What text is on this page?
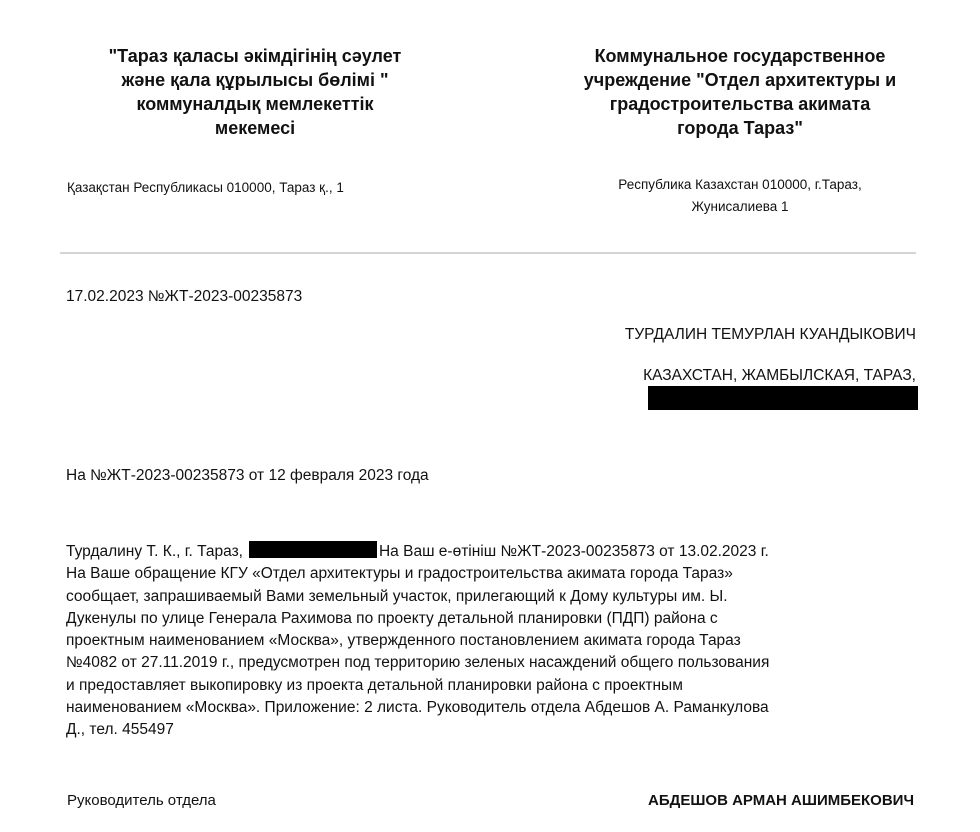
"Тараз қаласы әкімдігінің сәулет
және қала құрылысы бөлімі "
коммуналдық мемлекеттік
мекемесі
Коммунальное государственное
учреждение "Отдел архитектуры и
градостроительства акимата
города Тараз"
Қазақстан Республикасы 010000, Тараз қ., 1	Республика Казахстан 010000, г.Тараз,
Жунисалиева 1
17.02.2023 №ЖТ-2023-00235873
ТУРДАЛИН ТЕМУРЛАН КУАНДЫКОВИЧ
КАЗАХСТАН, ЖАМБЫЛСКАЯ, ТАРАЗ,
На №ЖТ-2023-00235873 от 12 февраля 2023 года
Турдалину Т. К., г. Тараз,	На Ваш е-өтініш №ЖТ-2023-00235873 от 13.02.2023 г.
На Ваше обращение КГУ «Отдел архитектуры и градостроительства акимата города Тараз»
сообщает, запрашиваемый Вами земельный участок, прилегающий к Дому культуры им. Ы.
Дукенулы по улице Генерала Рахимова по проекту детальной планировки (ПДП) района с
проектным наименованием «Москва», утвержденного постановлением акимата города Тараз
№4082 от 27.11.2019 г., предусмотрен под территорию зеленых насаждений общего пользования
и предоставляет выкопировку из проекта детальной планировки района с проектным
наименованием «Москва». Приложение: 2 листа. Руководитель отдела Абдешов А. Раманкулова
Д., тел. 455497
Руководитель отдела	АБДЕШОВ АРМАН АШИМБЕКОВИЧ
